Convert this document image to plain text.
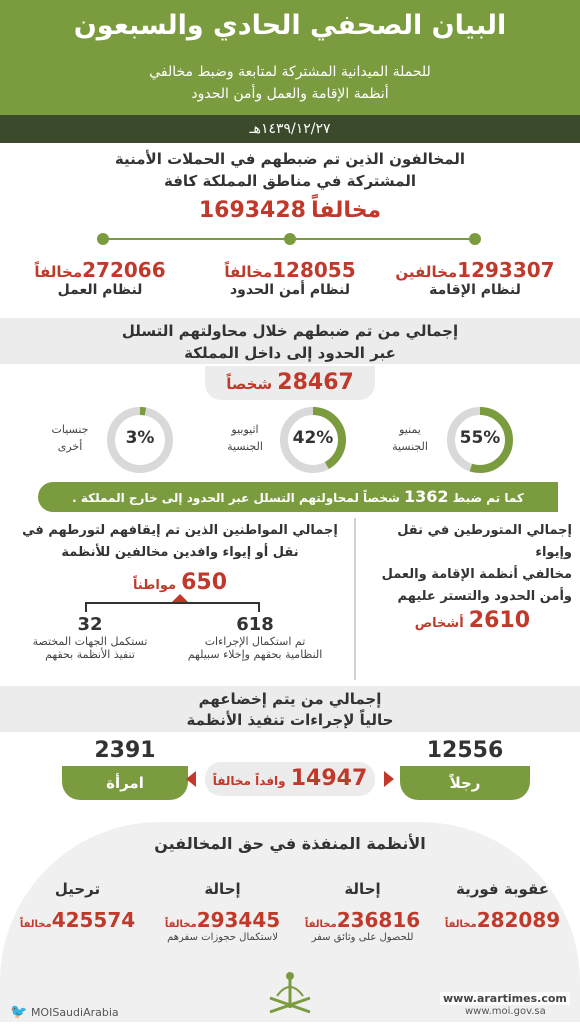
البيان الصحفي الحادي والسبعون
للحملة الميدانية المشتركة لمتابعة وضبط مخالفي
أنظمة الإقامة والعمل وأمن الحدود
١٤٣٩/١٢/٢٧هـ
المخالفون الذين تم ضبطهم في الحملات الأمنية
المشتركة في مناطق المملكة كافة
مخالفاً 1693428
1293307مخالفين
لنظام الإقامة
128055مخالفاً
لنظام أمن الحدود
272066مخالفاً
لنظام العمل
إجمالي من تم ضبطهم خلال محاولتهم التسلل
عبر الحدود إلى داخل المملكة
28467 شخصاً
55%
يمنيو
الجنسية
42%
اثيوبيو
الجنسية
3%
جنسيات
أخرى
كما تم ضبط 1362 شخصاً لمحاولتهم التسلل عبر الحدود إلى خارج المملكة .
إجمالي المتورطين في نقل وإيواء
مخالفي أنظمة الإقامة والعمل
وأمن الحدود والتستر عليهم
2610 أشخاص
إجمالي المواطنين الذين تم إيقافهم لتورطهم في
نقل أو إيواء وافدين مخالفين للأنظمة
650 مواطناً
618
تم استكمال الإجراءات
النظامية بحقهم وإخلاء سبيلهم
32
تستكمل الجهات المختصة
تنفيذ الأنظمة بحقهم
إجمالي من يتم إخضاعهم
حالياً لإجراءات تنفيذ الأنظمة
12556
رجلاً
2391
امرأة	14947 وافداً مخالفاً
الأنظمة المنفذة في حق المخالفين
عقوبة فورية
282089مخالفاً
إحالة
236816مخالفاً
للحصول على وثائق سفر
إحالة
293445مخالفاً
لاستكمال حجوزات سفرهم
ترحيل
425574مخالفاً
🐦 MOISaudiArabia	www.moi.gov.sa
www.arartimes.com
